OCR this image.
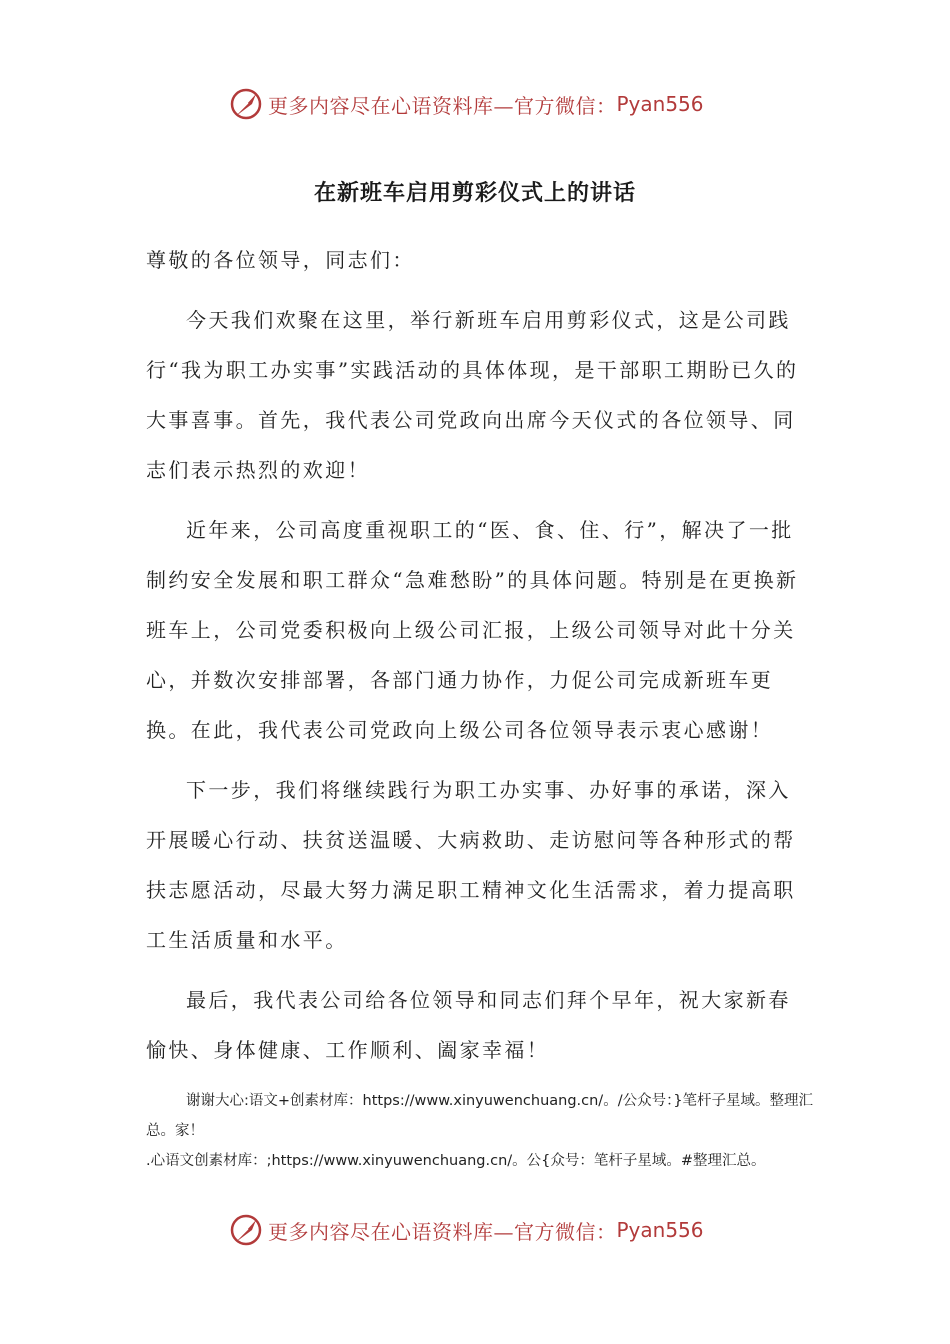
更多内容尽在心语资料库—官方微信： Pyan556
在新班车启用剪彩仪式上的讲话
尊敬的各位领导，同志们：

今天我们欢聚在这里，举行新班车启用剪彩仪式，这是公司践行“我为职工办实事”实践活动的具体体现，是干部职工期盼已久的大事喜事。首先，我代表公司党政向出席今天仪式的各位领导、同志们表示热烈的欢迎！

近年来，公司高度重视职工的“医、食、住、行”，解决了一批制约安全发展和职工群众“急难愁盼”的具体问题。特别是在更换新班车上，公司党委积极向上级公司汇报，上级公司领导对此十分关心，并数次安排部署，各部门通力协作，力促公司完成新班车更换。在此，我代表公司党政向上级公司各位领导表示衷心感谢！

下一步，我们将继续践行为职工办实事、办好事的承诺，深入开展暖心行动、扶贫送温暖、大病救助、走访慰问等各种形式的帮扶志愿活动，尽最大努力满足职工精神文化生活需求，着力提高职工生活质量和水平。

最后，我代表公司给各位领导和同志们拜个早年，祝大家新春愉快、身体健康、工作顺利、阖家幸福！

谢谢大心:语文+创素材库：https://www.xinyuwenchuang.cn/。/公众号：}笔杆子星域。整理汇总。家！
.心语文创素材库：;https://www.xinyuwenchuang.cn/。公{众号：笔杆子星域。#整理汇总。
更多内容尽在心语资料库—官方微信： Pyan556
